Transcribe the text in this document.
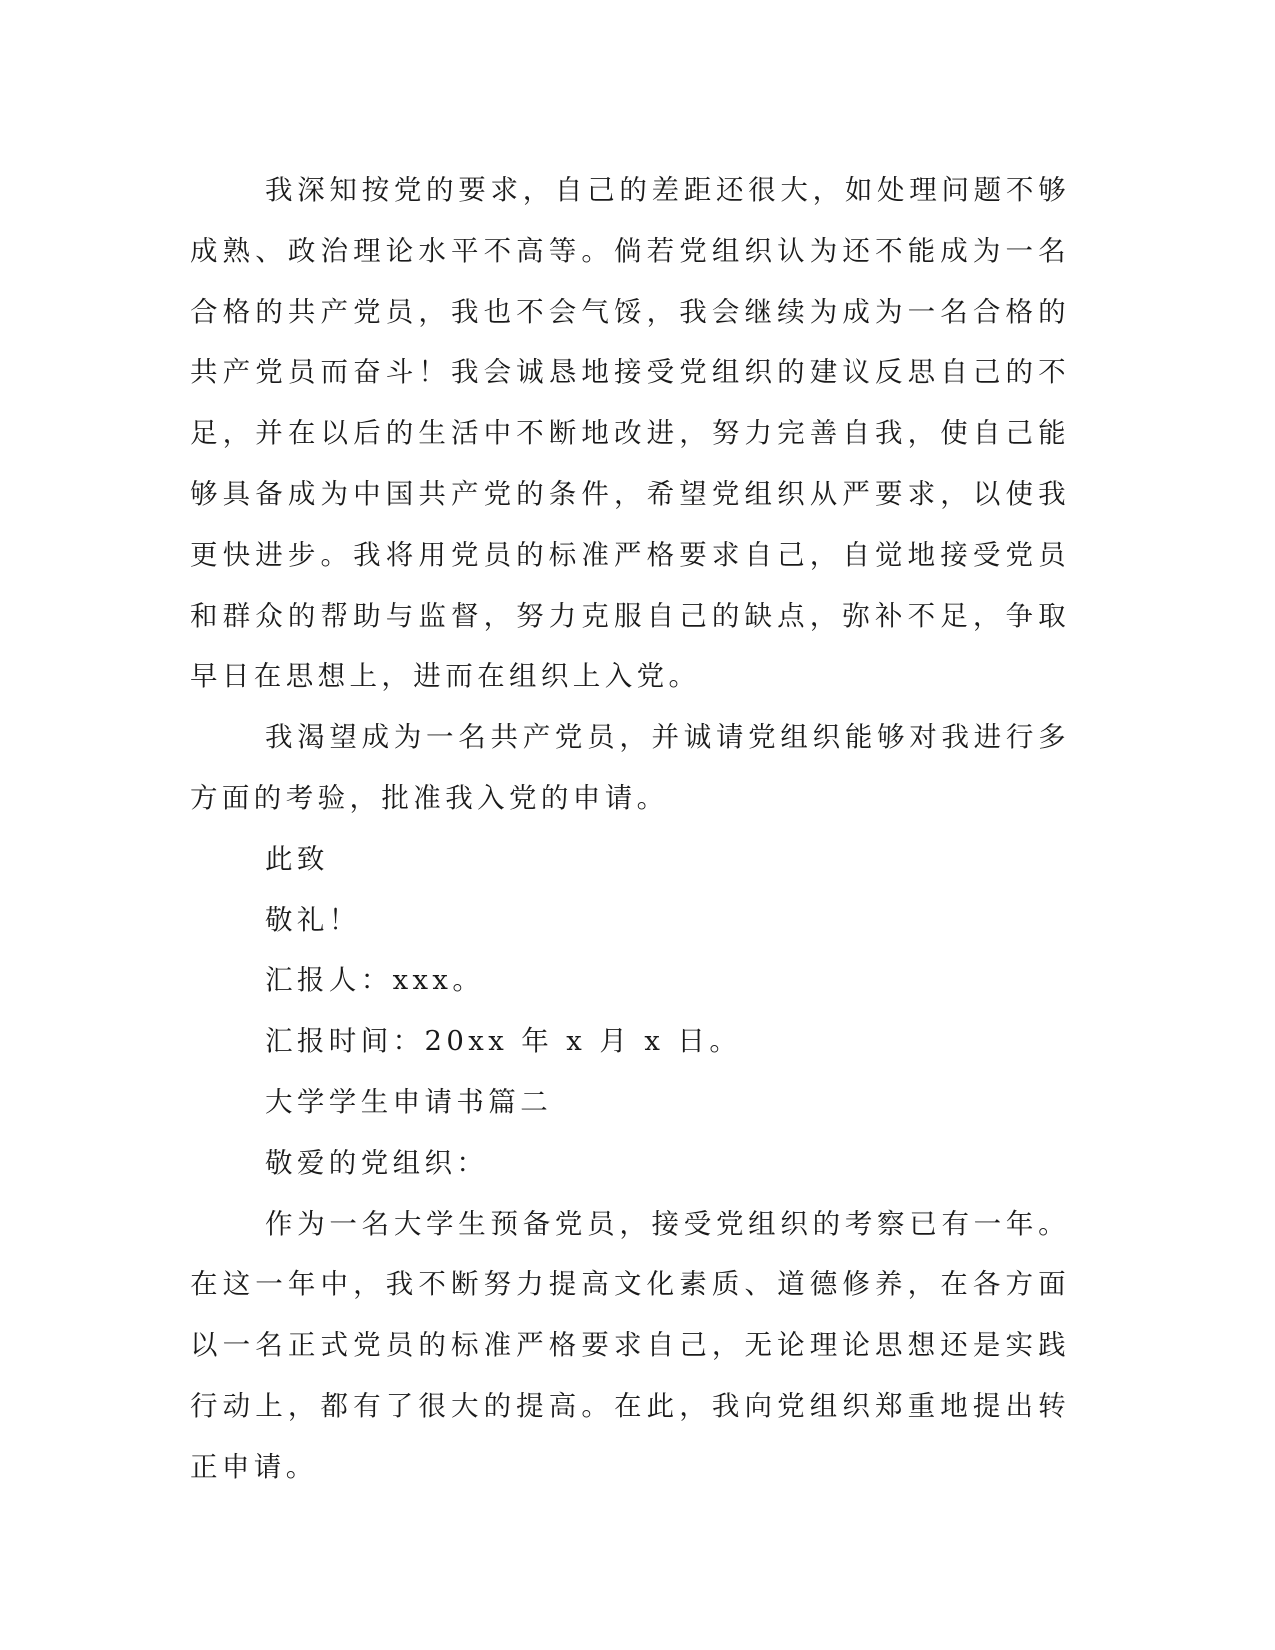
我深知按党的要求，自己的差距还很大，如处理问题不够成熟、政治理论水平不高等。倘若党组织认为还不能成为一名合格的共产党员，我也不会气馁，我会继续为成为一名合格的共产党员而奋斗！我会诚恳地接受党组织的建议反思自己的不足，并在以后的生活中不断地改进，努力完善自我，使自己能够具备成为中国共产党的条件，希望党组织从严要求，以使我更快进步。我将用党员的标准严格要求自己，自觉地接受党员和群众的帮助与监督，努力克服自己的缺点，弥补不足，争取早日在思想上，进而在组织上入党。

我渴望成为一名共产党员，并诚请党组织能够对我进行多方面的考验，批准我入党的申请。

此致

敬礼！

汇报人：xxx。

汇报时间：20xx 年 x 月 x 日。

大学学生申请书篇二

敬爱的党组织：

作为一名大学生预备党员，接受党组织的考察已有一年。在这一年中，我不断努力提高文化素质、道德修养，在各方面以一名正式党员的标准严格要求自己，无论理论思想还是实践行动上，都有了很大的提高。在此，我向党组织郑重地提出转正申请。
